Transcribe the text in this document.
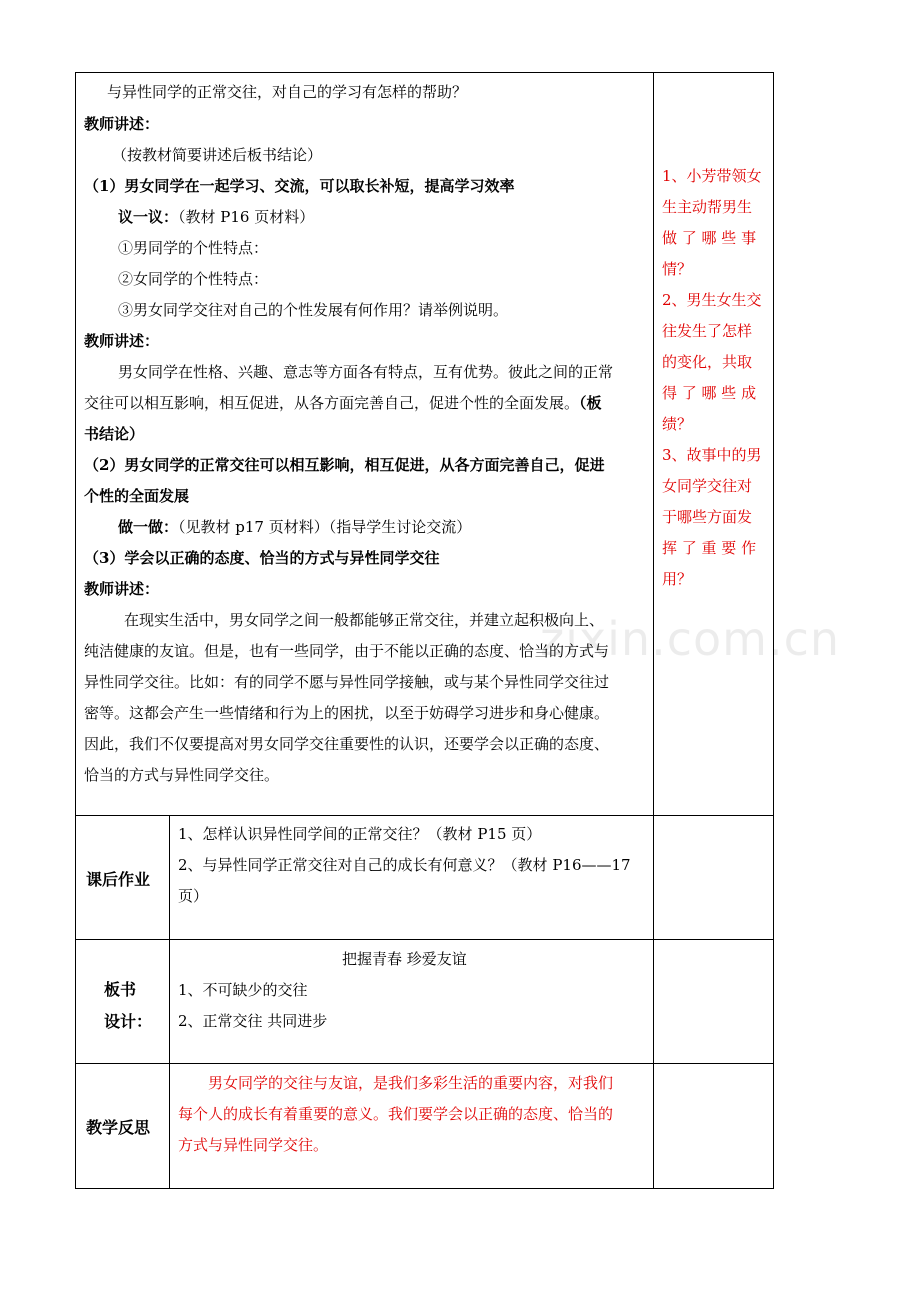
与异性同学的正常交往，对自己的学习有怎样的帮助？
教师讲述：
（按教材简要讲述后板书结论）
（1）男女同学在一起学习、交流，可以取长补短，提高学习效率
议一议：（教材 P16 页材料）
①男同学的个性特点：
②女同学的个性特点：
③男女同学交往对自己的个性发展有何作用？请举例说明。
教师讲述：
男女同学在性格、兴趣、意志等方面各有特点，互有优势。彼此之间的正常
交往可以相互影响，相互促进，从各方面完善自己，促进个性的全面发展。（板
书结论）
（2）男女同学的正常交往可以相互影响，相互促进，从各方面完善自己，促进
个性的全面发展
做一做：（见教材 p17 页材料）（指导学生讨论交流）
（3）学会以正确的态度、恰当的方式与异性同学交往
教师讲述：
在现实生活中，男女同学之间一般都能够正常交往，并建立起积极向上、
纯洁健康的友谊。但是，也有一些同学，由于不能以正确的态度、恰当的方式与
异性同学交往。比如：有的同学不愿与异性同学接触，或与某个异性同学交往过
密等。这都会产生一些情绪和行为上的困扰，以至于妨碍学习进步和身心健康。
因此，我们不仅要提高对男女同学交往重要性的认识，还要学会以正确的态度、
恰当的方式与异性同学交往。
1、小芳带领女
生主动帮男生
做 了 哪 些 事
情？
2、男生女生交
往发生了怎样
的变化，共取
得 了 哪 些 成
绩？
3、故事中的男
女同学交往对
于哪些方面发
挥 了 重 要 作
用？
课后作业
1、怎样认识异性同学间的正常交往？（教材 P15 页）
2、与异性同学正常交往对自己的成长有何意义？（教材 P16——17
页）
板书
设计：
把握青春 珍爱友谊
1、不可缺少的交往
2、正常交往 共同进步
教学反思
男女同学的交往与友谊，是我们多彩生活的重要内容，对我们
每个人的成长有着重要的意义。我们要学会以正确的态度、恰当的
方式与异性同学交往。
zixin.com.cn
